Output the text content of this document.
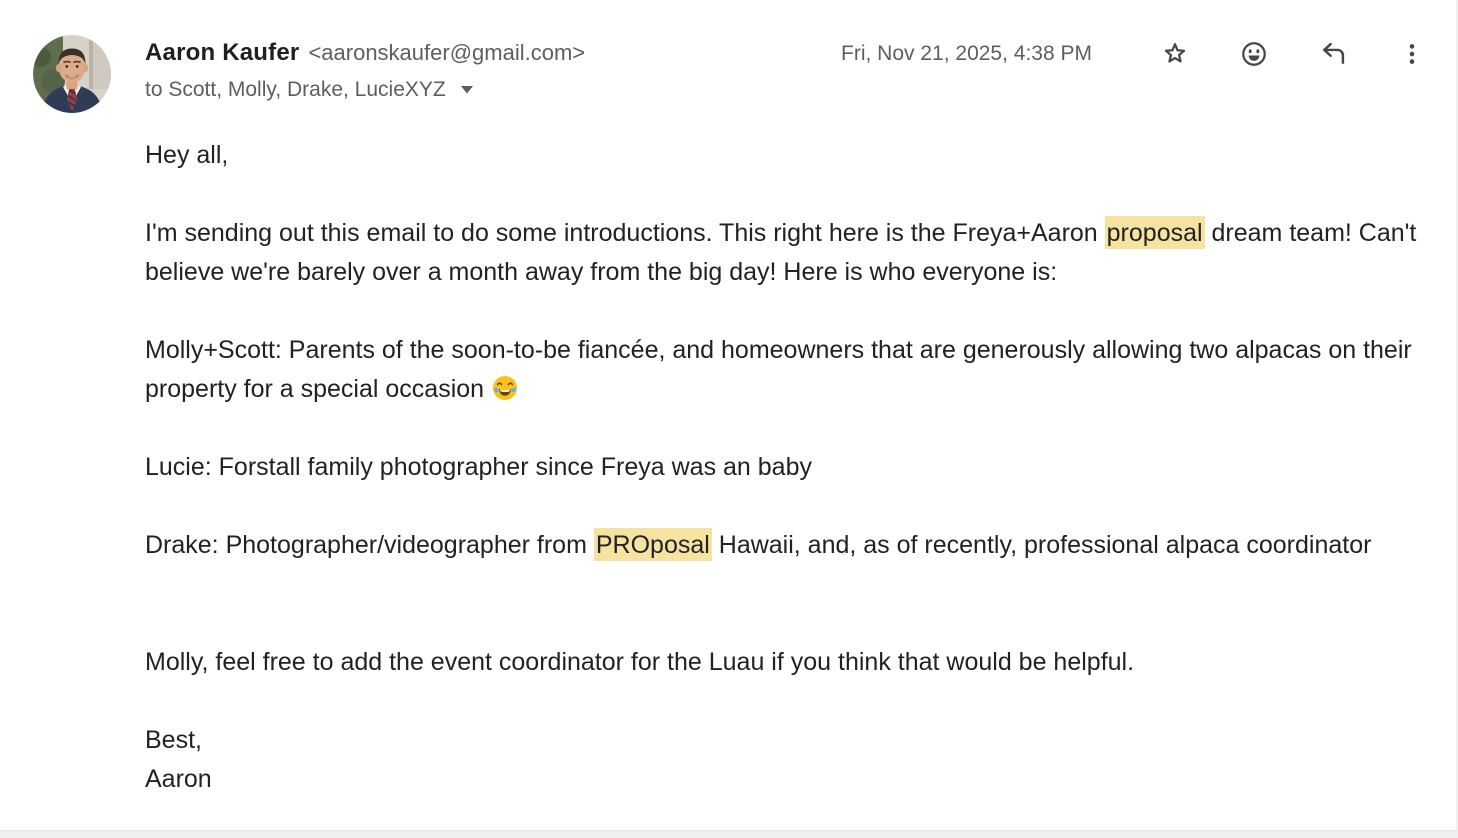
Aaron Kaufer <aaronskaufer@gmail.com>
to Scott, Molly, Drake, LucieXYZ
Fri, Nov 21, 2025, 4:38 PM
Hey all,
I'm sending out this email to do some introductions. This right here is the Freya+Aaron proposal dream team! Can't believe we're barely over a month away from the big day! Here is who everyone is:
Molly+Scott: Parents of the soon-to-be fiancée, and homeowners that are generously allowing two alpacas on their property for a special occasion
Lucie: Forstall family photographer since Freya was an baby
Drake: Photographer/videographer from PROposal Hawaii, and, as of recently, professional alpaca coordinator
Molly, feel free to add the event coordinator for the Luau if you think that would be helpful.
Best,
Aaron
